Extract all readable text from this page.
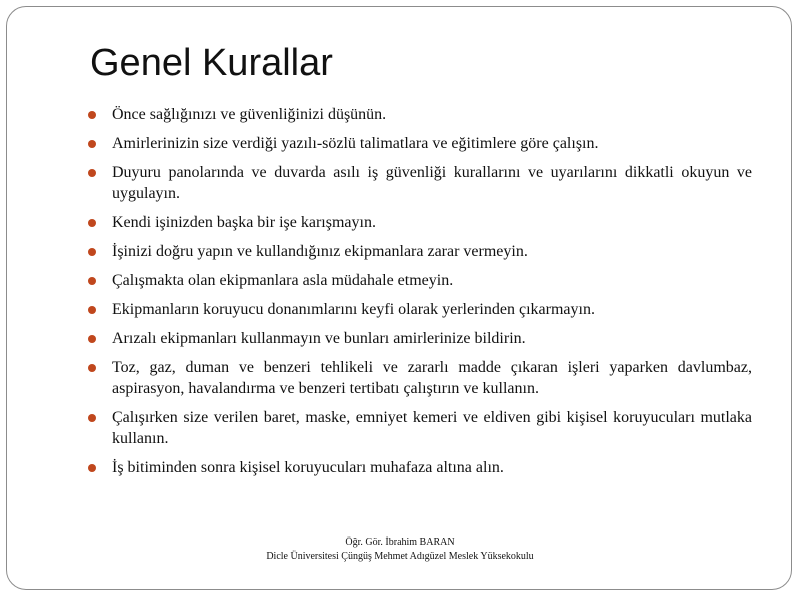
Genel Kurallar
Önce sağlığınızı ve güvenliğinizi düşünün.
Amirlerinizin size verdiği yazılı-sözlü talimatlara ve eğitimlere göre çalışın.
Duyuru panolarında ve duvarda asılı iş güvenliği kurallarını ve uyarılarını dikkatli okuyun ve uygulayın.
Kendi işinizden başka bir işe karışmayın.
İşinizi doğru yapın ve kullandığınız ekipmanlara zarar vermeyin.
Çalışmakta olan ekipmanlara asla müdahale etmeyin.
Ekipmanların koruyucu donanımlarını keyfi olarak yerlerinden çıkarmayın.
Arızalı ekipmanları kullanmayın ve bunları amirlerinize bildirin.
Toz, gaz, duman ve benzeri tehlikeli ve zararlı madde çıkaran işleri yaparken davlumbaz, aspirasyon, havalandırma ve benzeri tertibatı çalıştırın ve kullanın.
Çalışırken size verilen baret, maske, emniyet kemeri ve eldiven gibi kişisel koruyucuları mutlaka kullanın.
İş bitiminden sonra kişisel koruyucuları muhafaza altına alın.
Öğr. Gör. İbrahim BARAN
Dicle Üniversitesi Çüngüş Mehmet Adıgüzel Meslek Yüksekokulu
